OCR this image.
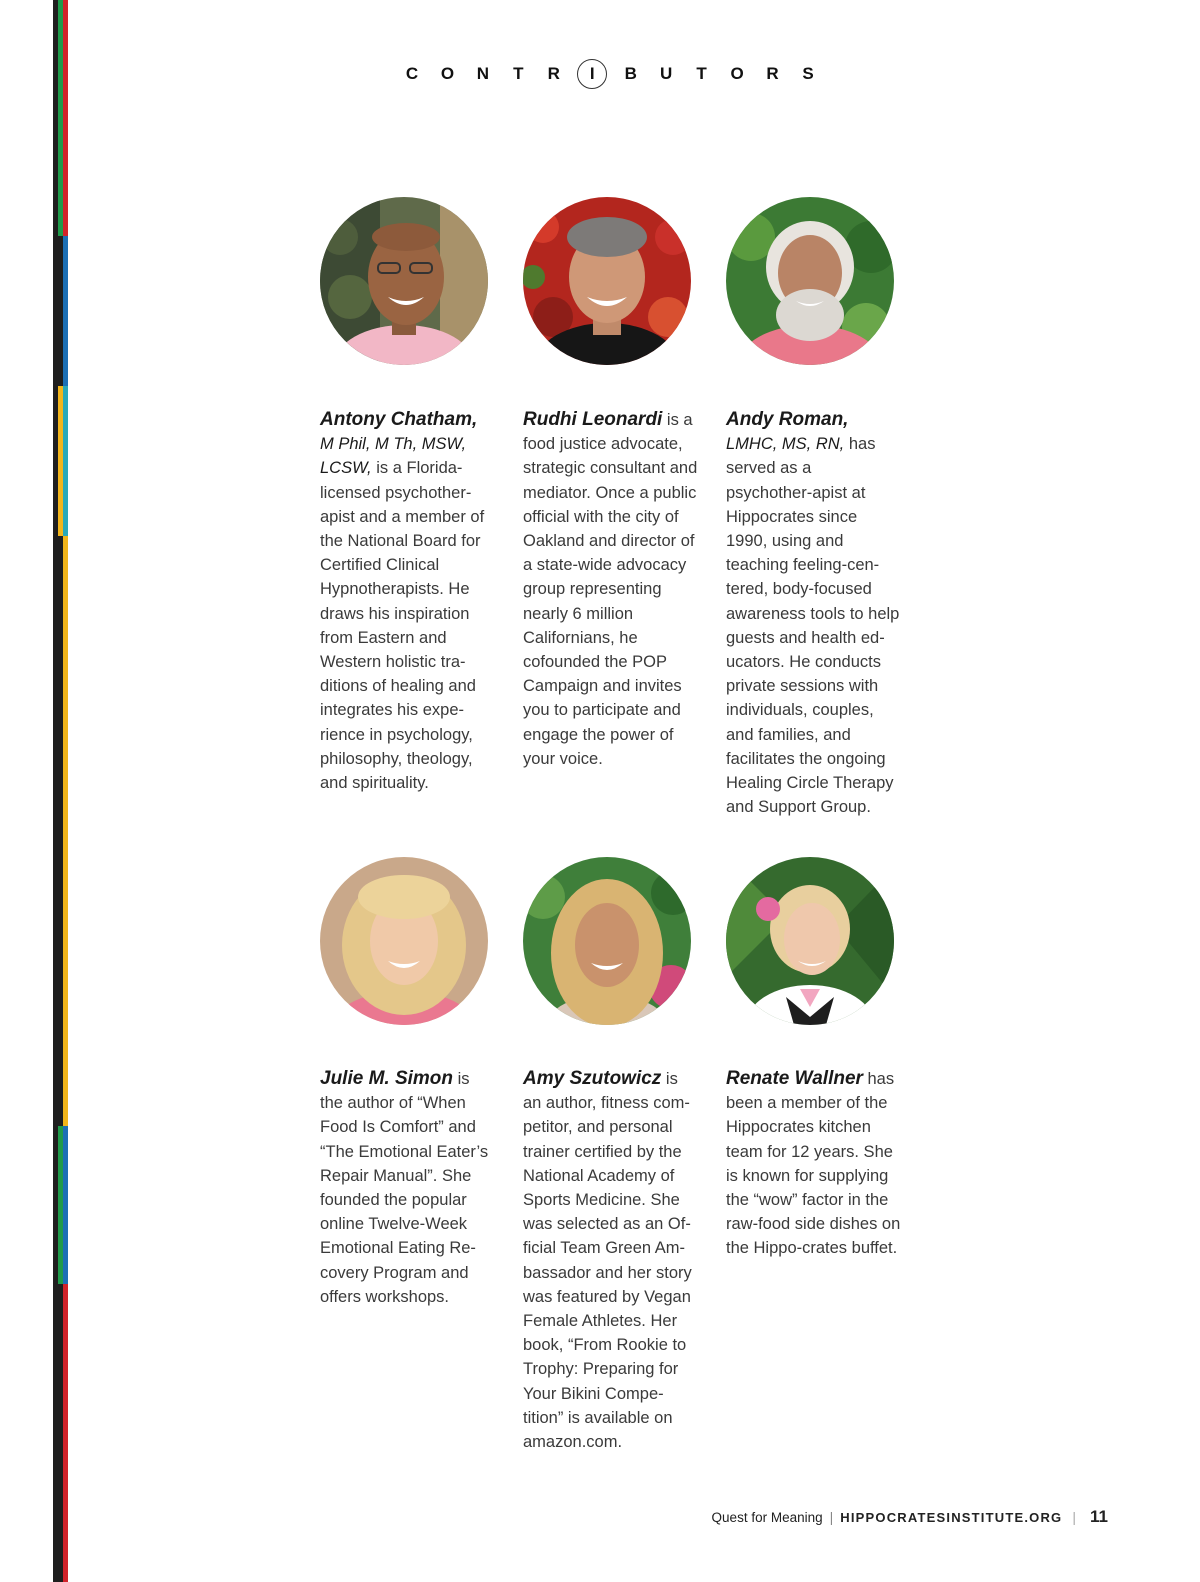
C	O	N	T	R	I	B	U	T	O	R	S
Antony Chatham,
M Phil, M Th, MSW, LCSW, is a Florida-licensed psychother-apist and a member of the National Board for Certified Clinical Hypnotherapists. He draws his inspiration from Eastern and Western holistic tra-ditions of healing and integrates his expe-rience in psychology, philosophy, theology, and spirituality.
Rudhi Leonardi is a food justice advocate, strategic consultant and mediator. Once a public official with the city of Oakland and director of a state-wide advocacy group representing nearly 6 million Californians, he cofounded the POP Campaign and invites you to participate and engage the power of your voice.
Andy Roman,
LMHC, MS, RN, has served as a psychother-apist at Hippocrates since 1990, using and teaching feeling-cen-tered, body-focused awareness tools to help guests and health ed-ucators. He conducts private sessions with individuals, couples, and families, and facilitates the ongoing Healing Circle Therapy and Support Group.
Julie M. Simon is the author of “When Food Is Comfort” and “The Emotional Eater’s Repair Manual”. She founded the popular online Twelve-Week Emotional Eating Re-covery Program and offers workshops.
Amy Szutowicz is an author, fitness com-petitor, and personal trainer certified by the National Academy of Sports Medicine. She was selected as an Of-ficial Team Green Am-bassador and her story was featured by Vegan Female Athletes. Her book, “From Rookie to Trophy: Preparing for Your Bikini Compe-tition” is available on amazon.com.
Renate Wallner has been a member of the Hippocrates kitchen team for 12 years. She is known for supplying the “wow” factor in the raw-food side dishes on the Hippo-crates buffet.
Quest for Meaning | HIPPOCRATESINSTITUTE.ORG | 11
